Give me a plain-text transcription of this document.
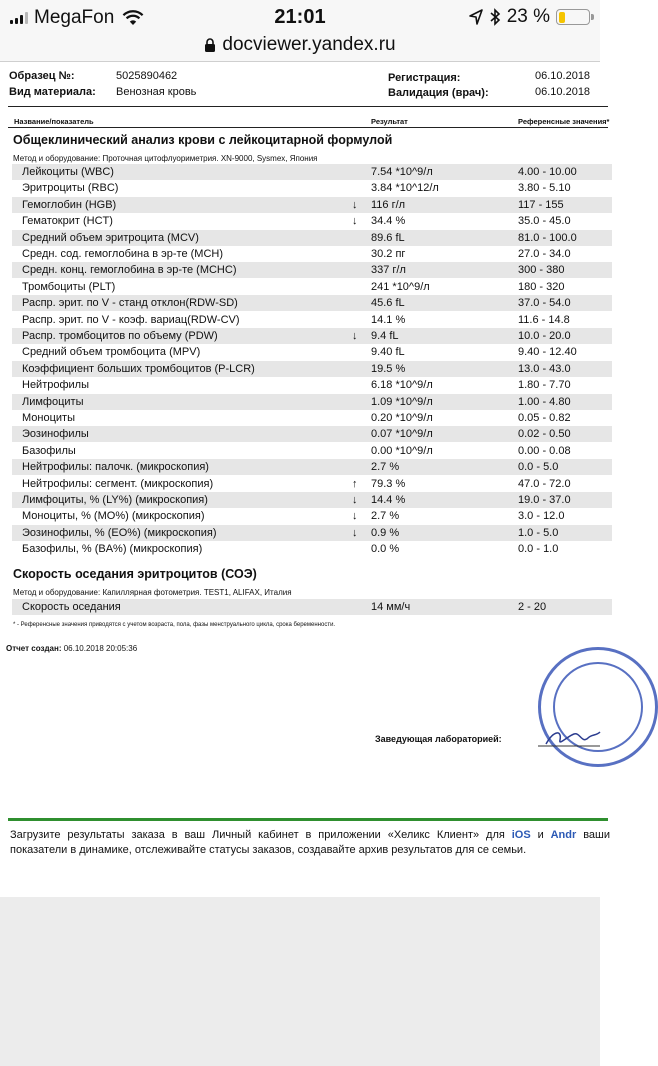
MegaFon	21:01	23 %
docviewer.yandex.ru
Образец №:	5025890462
Вид материала: Венозная кровь
Регистрация:	06.10.2018
Валидация (врач):	06.10.2018
Название/показатель	Результат	Референсные значения*
Общеклинический анализ крови с лейкоцитарной формулой
Метод и оборудование: Проточная цитофлуориметрия. XN-9000, Sysmex, Япония
Лейкоциты (WBC)	7.54 *10^9/л	4.00 - 10.00
Эритроциты (RBC)	3.84 *10^12/л	3.80 - 5.10
Гемоглобин (HGB)	↓ 116 г/л	117 - 155
Гематокрит (HCT)	↓ 34.4 %	35.0 - 45.0
Средний объем эритроцита (MCV)	89.6 fL	81.0 - 100.0
Средн. сод. гемоглобина в эр-те (MCH)	30.2 пг	27.0 - 34.0
Средн. конц. гемоглобина в эр-те (MCHC)	337 г/л	300 - 380
Тромбоциты (PLT)	241 *10^9/л	180 - 320
Распр. эрит. по V - станд отклон(RDW-SD)	45.6 fL	37.0 - 54.0
Распр. эрит. по V - коэф. вариац(RDW-CV)	14.1 %	11.6 - 14.8
Распр. тромбоцитов по объему (PDW)	↓ 9.4 fL	10.0 - 20.0
Средний объем тромбоцита (MPV)	9.40 fL	9.40 - 12.40
Коэффициент больших тромбоцитов (P-LCR)	19.5 %	13.0 - 43.0
Нейтрофилы	6.18 *10^9/л	1.80 - 7.70
Лимфоциты	1.09 *10^9/л	1.00 - 4.80
Моноциты	0.20 *10^9/л	0.05 - 0.82
Эозинофилы	0.07 *10^9/л	0.02 - 0.50
Базофилы	0.00 *10^9/л	0.00 - 0.08
Нейтрофилы: палочк. (микроскопия)	2.7 %	0.0 - 5.0
Нейтрофилы: сегмент. (микроскопия)	↑ 79.3 %	47.0 - 72.0
Лимфоциты, % (LY%) (микроскопия)	↓ 14.4 %	19.0 - 37.0
Моноциты, % (MO%) (микроскопия)	↓ 2.7 %	3.0 - 12.0
Эозинофилы, % (EO%) (микроскопия)	↓ 0.9 %	1.0 - 5.0
Базофилы, % (BA%) (микроскопия)	0.0 %	0.0 - 1.0
Скорость оседания эритроцитов (СОЭ)
Метод и оборудование: Капиллярная фотометрия. TEST1, ALIFAX, Италия
Скорость оседания	14 мм/ч	2 - 20
* - Референсные значения приводятся с учетом возраста, пола, фазы менструального цикла, срока беременности.
Отчет создан: 06.10.2018 20:05:36
Заведующая лабораторией:
Загрузите результаты заказа в ваш Личный кабинет в приложении «Хеликс Клиент» для iOS и Andr ваши показатели в динамике, отслеживайте статусы заказов, создавайте архив результатов для се семьи.
